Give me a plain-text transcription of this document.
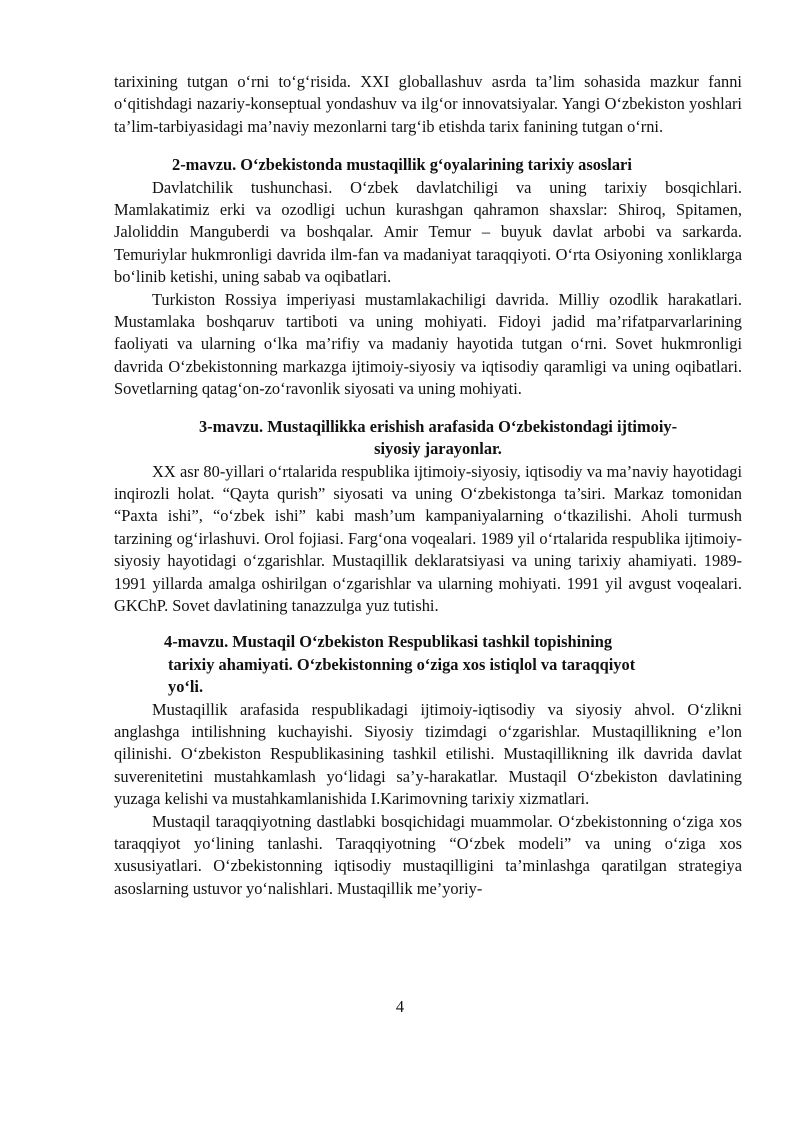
tarixining tutgan o‘rni to‘g‘risida. XXI globallashuv asrda ta’lim sohasida mazkur fanni o‘qitishdagi nazariy-konseptual yondashuv va ilg‘or innovatsiyalar. Yangi O‘zbekiston yoshlari ta’lim-tarbiyasidagi ma’naviy mezonlarni targ‘ib etishda tarix fanining tutgan o‘rni.

2-mavzu. O‘zbekistonda mustaqillik g‘oyalarining tarixiy asoslari

Davlatchilik tushunchasi. O‘zbek davlatchiligi va uning tarixiy bosqichlari. Mamlakatimiz erki va ozodligi uchun kurashgan qahramon shaxslar: Shiroq, Spitamen, Jaloliddin Manguberdi va boshqalar. Amir Temur – buyuk davlat arbobi va sarkarda. Temuriylar hukmronligi davrida ilm-fan va madaniyat taraqqiyoti. O‘rta Osiyoning xonliklarga bo‘linib ketishi, uning sabab va oqibatlari.

Turkiston Rossiya imperiyasi mustamlakachiligi davrida. Milliy ozodlik harakatlari. Mustamlaka boshqaruv tartiboti va uning mohiyati. Fidoyi jadid ma’rifatparvarlarining faoliyati va ularning o‘lka ma’rifiy va madaniy hayotida tutgan o‘rni. Sovet hukmronligi davrida O‘zbekistonning markazga ijtimoiy-siyosiy va iqtisodiy qaramligi va uning oqibatlari. Sovetlarning qatag‘on-zo‘ravonlik siyosati va uning mohiyati.

3-mavzu. Mustaqillikka erishish arafasida O‘zbekistondagi ijtimoiy-
siyosiy jarayonlar.

XX asr 80-yillari o‘rtalarida respublika ijtimoiy-siyosiy, iqtisodiy va ma’naviy hayotidagi inqirozli holat. “Qayta qurish” siyosati va uning O‘zbekistonga ta’siri. Markaz tomonidan “Paxta ishi”, “o‘zbek ishi” kabi mash’um kampaniyalarning o‘tkazilishi. Aholi turmush tarzining og‘irlashuvi. Orol fojiasi. Farg‘ona voqealari. 1989 yil o‘rtalarida respublika ijtimoiy-siyosiy hayotidagi o‘zgarishlar. Mustaqillik deklaratsiyasi va uning tarixiy ahamiyati. 1989-1991 yillarda amalga oshirilgan o‘zgarishlar va ularning mohiyati. 1991 yil avgust voqealari. GKChP. Sovet davlatining tanazzulga yuz tutishi.

4-mavzu. Mustaqil O‘zbekiston Respublikasi tashkil topishining
tarixiy ahamiyati. O‘zbekistonning o‘ziga xos istiqlol va taraqqiyot
yo‘li.

Mustaqillik arafasida respublikadagi ijtimoiy-iqtisodiy va siyosiy ahvol. O‘zlikni anglashga intilishning kuchayishi. Siyosiy tizimdagi o‘zgarishlar. Mustaqillikning e’lon qilinishi. O‘zbekiston Respublikasining tashkil etilishi. Mustaqillikning ilk davrida davlat suverenitetini mustahkamlash yo‘lidagi sa’y-harakatlar. Mustaqil O‘zbekiston davlatining yuzaga kelishi va mustahkamlanishida I.Karimovning tarixiy xizmatlari.

Mustaqil taraqqiyotning dastlabki bosqichidagi muammolar. O‘zbekistonning o‘ziga xos taraqqiyot yo‘lining tanlashi. Taraqqiyotning “O‘zbek modeli” va uning o‘ziga xos xususiyatlari. O‘zbekistonning iqtisodiy mustaqilligini ta’minlashga qaratilgan strategiya asoslarning ustuvor yo‘nalishlari. Mustaqillik me’yoriy-

4
